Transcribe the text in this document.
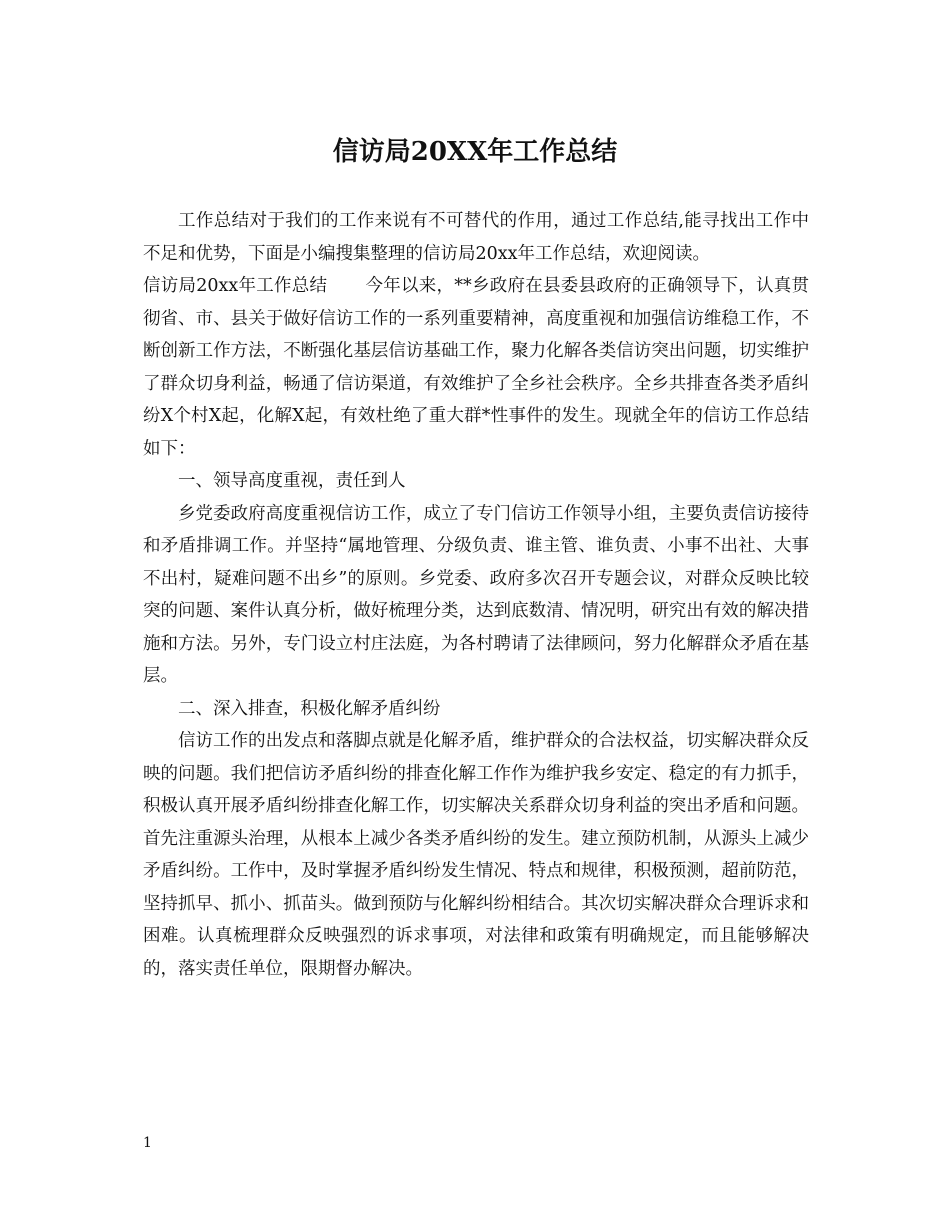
信访局20XX年工作总结

工作总结对于我们的工作来说有不可替代的作用，通过工作总结,能寻找出工作中不足和优势，下面是小编搜集整理的信访局20xx年工作总结，欢迎阅读。

信访局20xx年工作总结 今年以来，**乡政府在县委县政府的正确领导下，认真贯彻省、市、县关于做好信访工作的一系列重要精神，高度重视和加强信访维稳工作，不断创新工作方法，不断强化基层信访基础工作，聚力化解各类信访突出问题，切实维护了群众切身利益，畅通了信访渠道，有效维护了全乡社会秩序。全乡共排查各类矛盾纠纷X个村X起，化解X起，有效杜绝了重大群*性事件的发生。现就全年的信访工作总结如下：

一、领导高度重视，责任到人

乡党委政府高度重视信访工作，成立了专门信访工作领导小组，主要负责信访接待和矛盾排调工作。并坚持“属地管理、分级负责、谁主管、谁负责、小事不出社、大事不出村，疑难问题不出乡”的原则。乡党委、政府多次召开专题会议，对群众反映比较突的问题、案件认真分析，做好梳理分类，达到底数清、情况明，研究出有效的解决措施和方法。另外，专门设立村庄法庭，为各村聘请了法律顾问，努力化解群众矛盾在基层。

二、深入排查，积极化解矛盾纠纷

信访工作的出发点和落脚点就是化解矛盾，维护群众的合法权益，切实解决群众反映的问题。我们把信访矛盾纠纷的排查化解工作作为维护我乡安定、稳定的有力抓手，积极认真开展矛盾纠纷排查化解工作，切实解决关系群众切身利益的突出矛盾和问题。首先注重源头治理，从根本上减少各类矛盾纠纷的发生。建立预防机制，从源头上减少矛盾纠纷。工作中，及时掌握矛盾纠纷发生情况、特点和规律，积极预测，超前防范，坚持抓早、抓小、抓苗头。做到预防与化解纠纷相结合。其次切实解决群众合理诉求和困难。认真梳理群众反映强烈的诉求事项，对法律和政策有明确规定，而且能够解决的，落实责任单位，限期督办解决。

1
